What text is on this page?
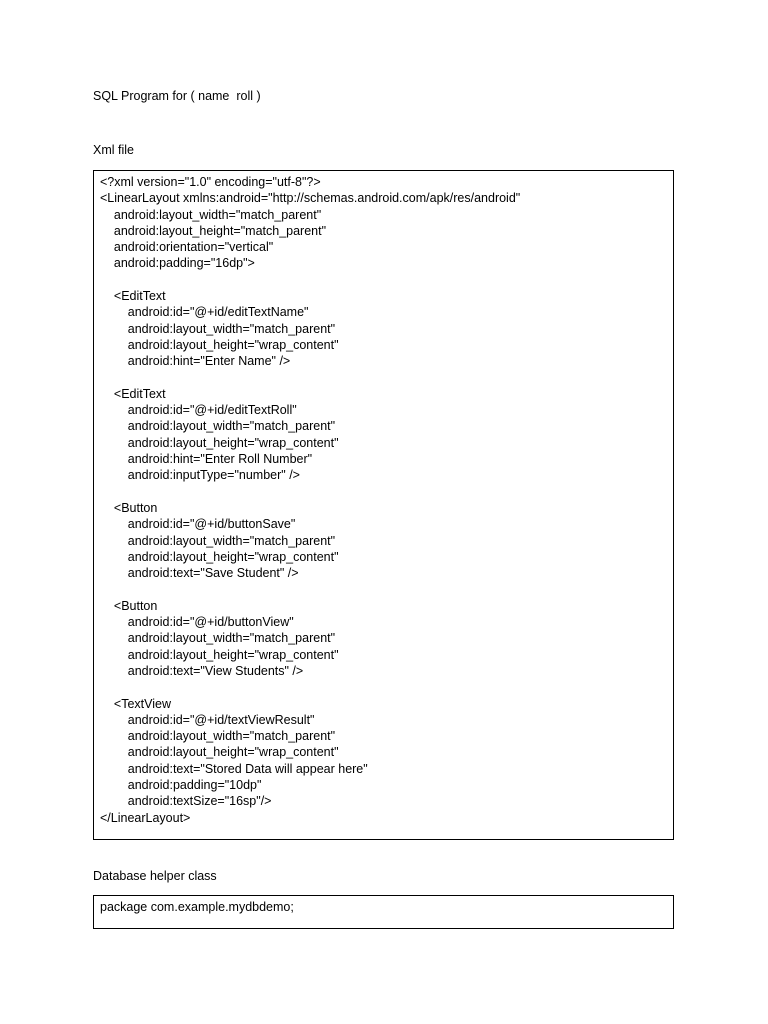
SQL Program for ( name  roll )
Xml file
<?xml version="1.0" encoding="utf-8"?>
<LinearLayout xmlns:android="http://schemas.android.com/apk/res/android"
android:layout_width="match_parent"
android:layout_height="match_parent"
android:orientation="vertical"
android:padding="16dp">
<EditText
android:id="@+id/editTextName"
android:layout_width="match_parent"
android:layout_height="wrap_content"
android:hint="Enter Name" />
<EditText
android:id="@+id/editTextRoll"
android:layout_width="match_parent"
android:layout_height="wrap_content"
android:hint="Enter Roll Number"
android:inputType="number" />
<Button
android:id="@+id/buttonSave"
android:layout_width="match_parent"
android:layout_height="wrap_content"
android:text="Save Student" />
<Button
android:id="@+id/buttonView"
android:layout_width="match_parent"
android:layout_height="wrap_content"
android:text="View Students" />
<TextView
android:id="@+id/textViewResult"
android:layout_width="match_parent"
android:layout_height="wrap_content"
android:text="Stored Data will appear here"
android:padding="10dp"
android:textSize="16sp"/>
</LinearLayout>
Database helper class
package com.example.mydbdemo;
